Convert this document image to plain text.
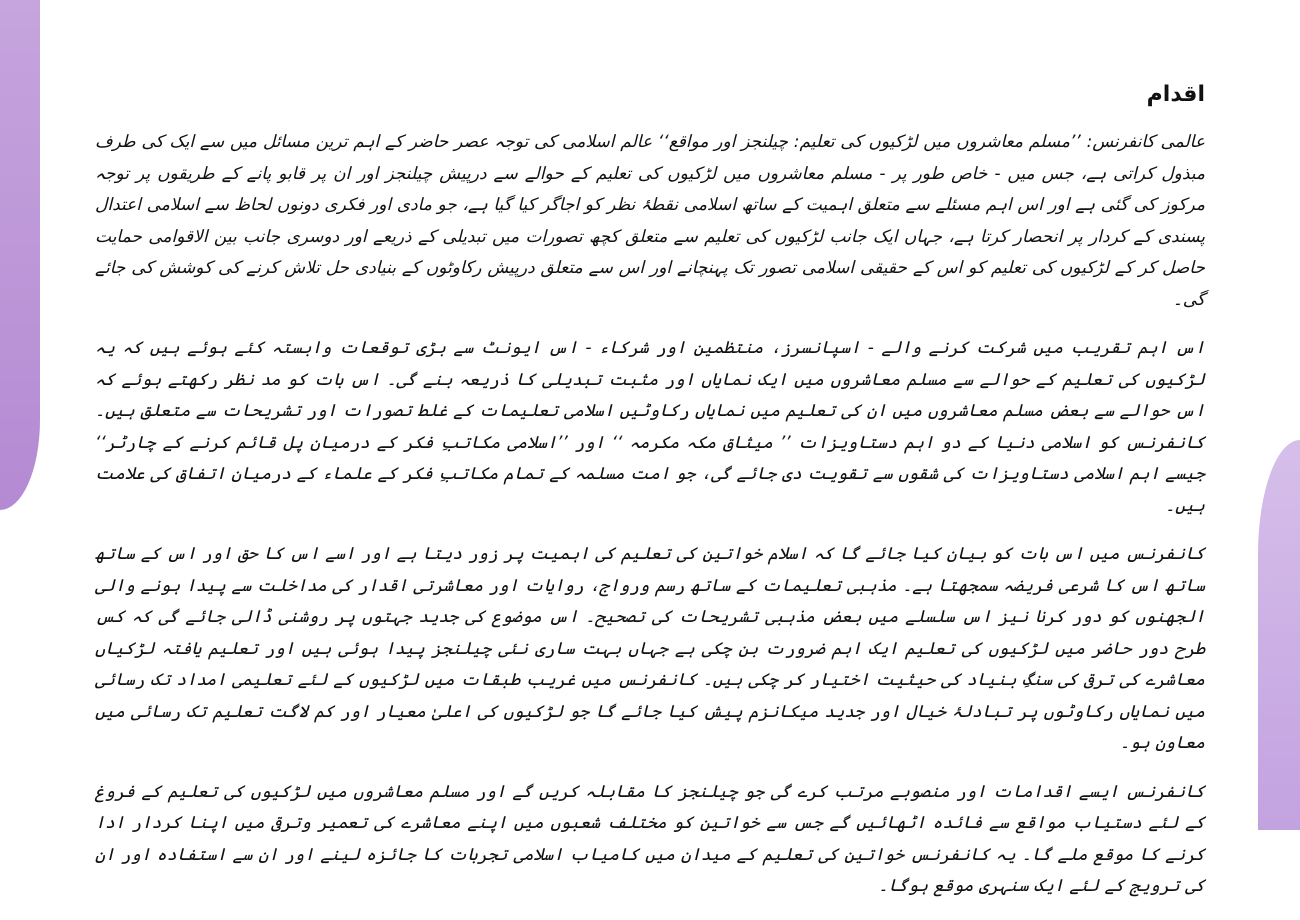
اقدام

عالمی کانفرنس: ’’مسلم معاشروں میں لڑکیوں کی تعلیم: چیلنجز اور مواقع‘‘ عالم اسلامی کی توجہ عصر حاضر کے اہم ترین مسائل میں سے ایک کی طرف مبذول کراتی ہے، جس میں - خاص طور پر - مسلم معاشروں میں لڑکیوں کی تعلیم کے حوالے سے درپیش چیلنجز اور ان پر قابو پانے کے طریقوں پر توجہ مرکوز کی گئی ہے اور اس اہم مسئلے سے متعلق اہمیت کے ساتھ اسلامی نقطۂ نظر کو اجاگر کیا گیا ہے، جو مادی اور فکری دونوں لحاظ سے اسلامی اعتدال پسندی کے کردار پر انحصار کرتا ہے، جہاں ایک جانب لڑکیوں کی تعلیم سے متعلق کچھ تصورات میں تبدیلی کے ذریعے اور دوسری جانب بین الاقوامی حمایت حاصل کر کے لڑکیوں کی تعلیم کو اس کے حقیقی اسلامی تصور تک پہنچانے اور اس سے متعلق درپیش رکاوٹوں کے بنیادی حل تلاش کرنے کی کوشش کی جائے گی۔

اس اہم تقریب میں شرکت کرنے والے - اسپانسرز، منتظمین اور شرکاء - اس ایونٹ سے بڑی توقعات وابستہ کئے ہوئے ہیں کہ یہ لڑکیوں کی تعلیم کے حوالے سے مسلم معاشروں میں ایک نمایاں اور مثبت تبدیلی کا ذریعہ بنے گی۔ اس بات کو مد نظر رکھتے ہوئے کہ اس حوالے سے بعض مسلم معاشروں میں ان کی تعلیم میں نمایاں رکاوٹیں اسلامی تعلیمات کے غلط تصورات اور تشریحات سے متعلق ہیں۔ کانفرنس کو اسلامی دنیا کے دو اہم دستاویزات ’’ میثاق مکہ مکرمہ ‘‘ اور ’’اسلامی مکاتبِ فکر کے درمیان پل قائم کرنے کے چارٹر‘‘ جیسے اہم اسلامی دستاویزات کی شقوں سے تقویت دی جائے گی، جو امت مسلمہ کے تمام مکاتبِ فکر کے علماء کے درمیان اتفاق کی علامت ہیں۔

کانفرنس میں اس بات کو بیان کیا جائے گا کہ اسلام خواتین کی تعلیم کی اہمیت پر زور دیتا ہے اور اسے اس کا حق اور اس کے ساتھ ساتھ اس کا شرعی فریضہ سمجھتا ہے۔ مذہبی تعلیمات کے ساتھ رسم ورواج، روایات اور معاشرتی اقدار کی مداخلت سے پیدا ہونے والی الجھنوں کو دور کرنا نیز اس سلسلے میں بعض مذہبی تشریحات کی تصحیح۔ اس موضوع کی جدید جہتوں پر روشنی ڈالی جائے گی کہ کس طرح دور حاضر میں لڑکیوں کی تعلیم ایک اہم ضرورت بن چکی ہے جہاں بہت ساری نئی چیلنجز پیدا ہوئی ہیں اور تعلیم یافتہ لڑکیاں معاشرے کی ترقی کی سنگِ بنیاد کی حیثیت اختیار کر چکی ہیں۔ کانفرنس میں غریب طبقات میں لڑکیوں کے لئے تعلیمی امداد تک رسائی میں نمایاں رکاوٹوں پر تبادلۂ خیال اور جدید میکانزم پیش کیا جائے گا جو لڑکیوں کی اعلیٰ معیار اور کم لاگت تعلیم تک رسائی میں معاون ہو۔

کانفرنس ایسے اقدامات اور منصوبے مرتب کرے گی جو چیلنجز کا مقابلہ کریں گے اور مسلم معاشروں میں لڑکیوں کی تعلیم کے فروغ کے لئے دستیاب مواقع سے فائدہ اٹھائیں گے جس سے خواتین کو مختلف شعبوں میں اپنے معاشرے کی تعمیر وترقی میں اپنا کردار ادا کرنے کا موقع ملے گا۔ یہ کانفرنس خواتین کی تعلیم کے میدان میں کامیاب اسلامی تجربات کا جائزہ لینے اور ان سے استفادہ اور ان کی ترویج کے لئے ایک سنہری موقع ہوگا۔
